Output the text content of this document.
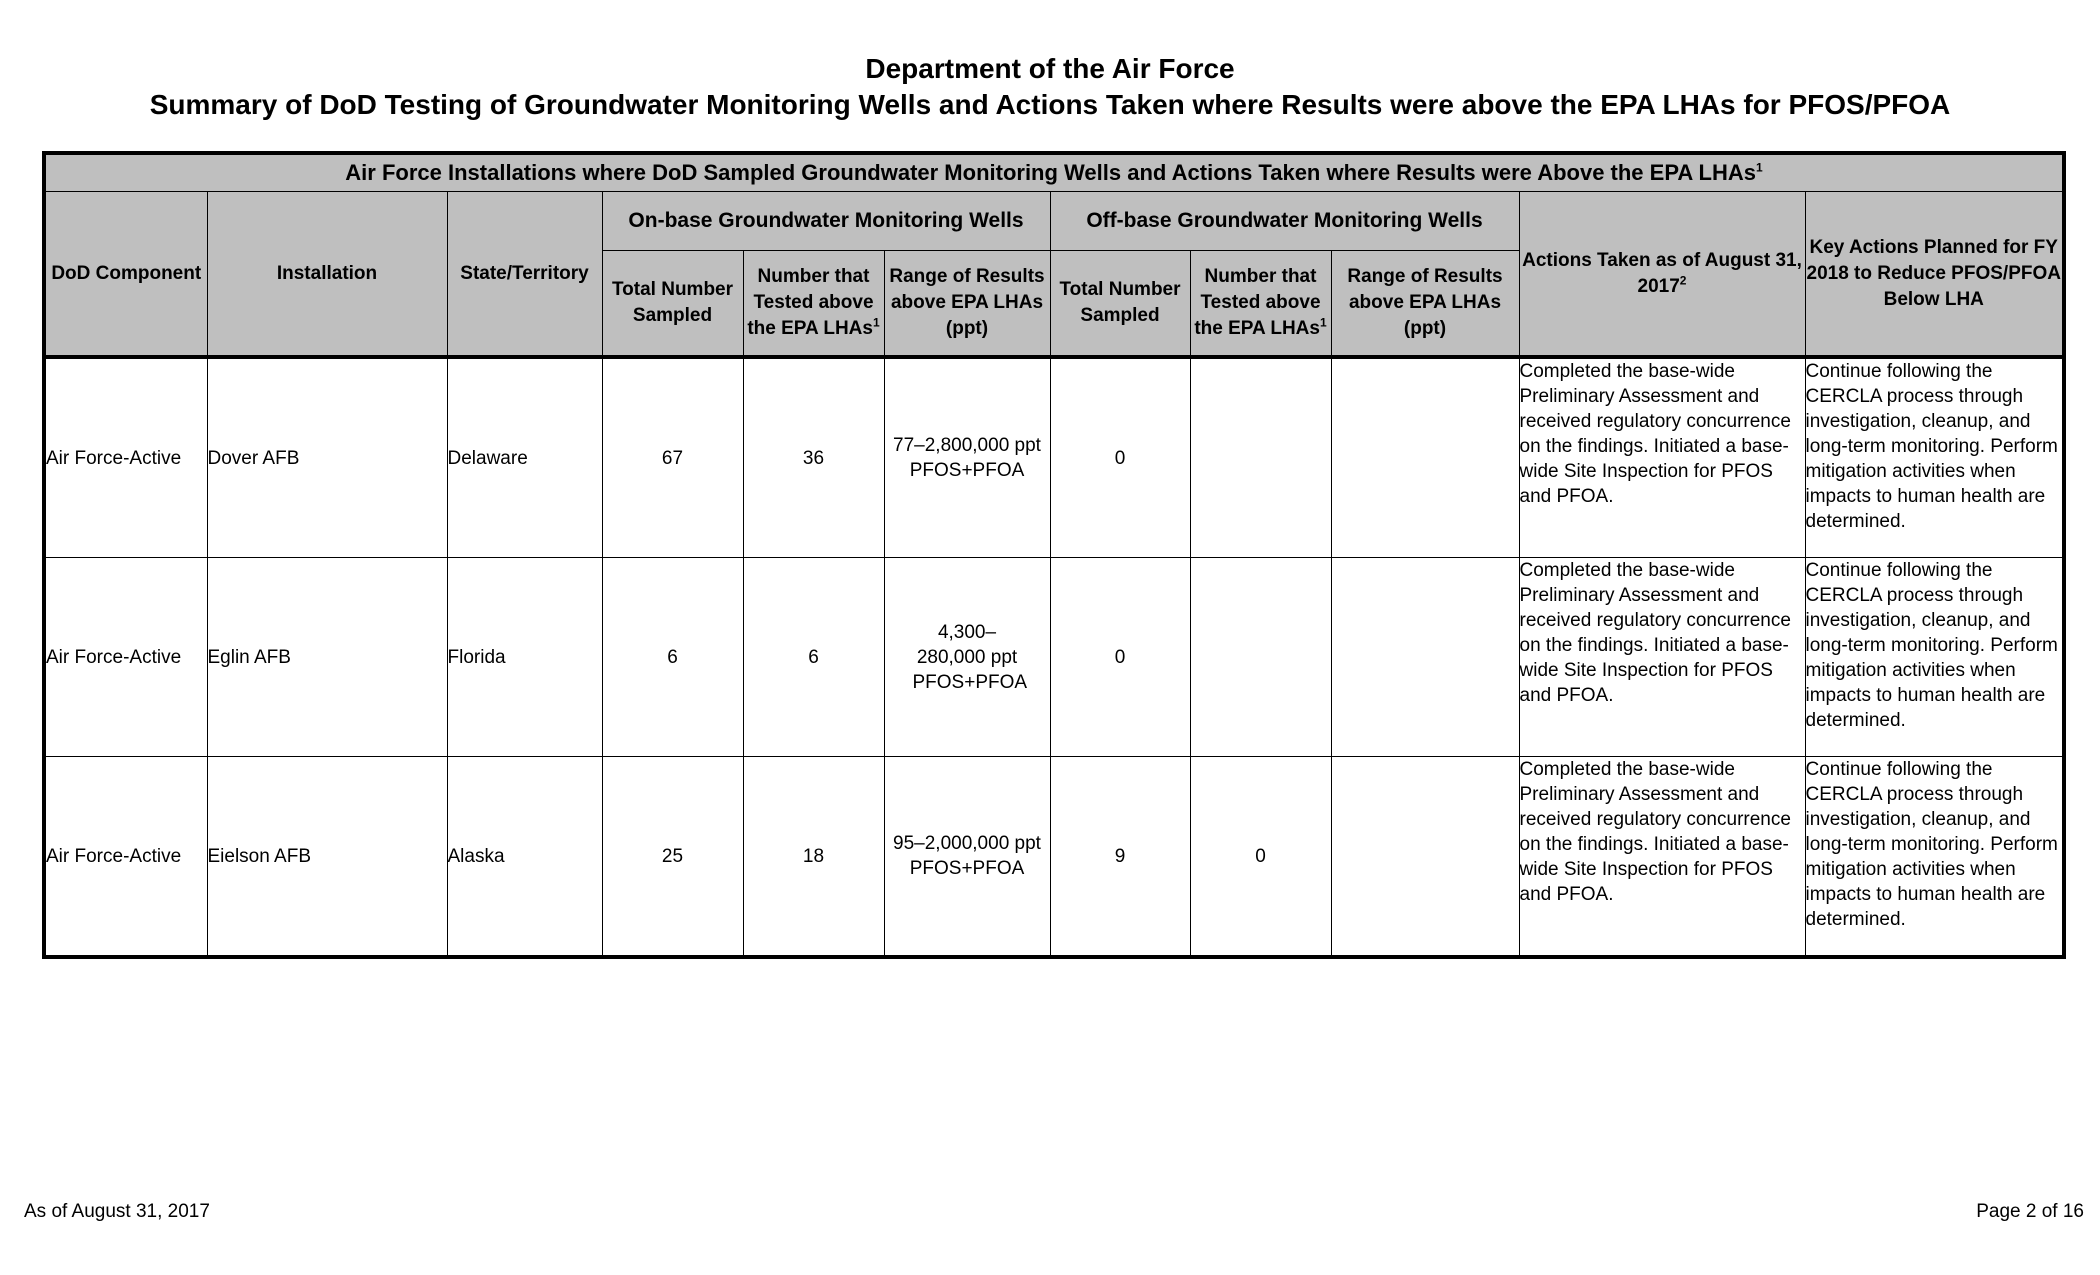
Department of the Air Force
Summary of DoD Testing of Groundwater Monitoring Wells and Actions Taken where Results were above the EPA LHAs for PFOS/PFOA
Air Force Installations where DoD Sampled Groundwater Monitoring Wells and Actions Taken where Results were Above the EPA LHAs$^1$
DoD Component	Installation	State/Territory	On-base Groundwater Monitoring Wells			Off-base Groundwater Monitoring Wells			Actions Taken as of August 31, 2017$^2$	Key Actions Planned for FY 2018 to Reduce PFOS/PFOA Below LHA
			Total Number Sampled	Number that Tested above the EPA LHAs$^1$	Range of Results above EPA LHAs (ppt)	Total Number Sampled	Number that Tested above the EPA LHAs$^1$	Range of Results above EPA LHAs (ppt)		
Air Force-Active	Dover AFB	Delaware	67	36	77–2,800,000 ppt PFOS+PFOA	0			Completed the base-wide Preliminary Assessment and received regulatory concurrence on the findings. Initiated a base-wide Site Inspection for PFOS and PFOA.	Continue following the CERCLA process through investigation, cleanup, and long-term monitoring. Perform mitigation activities when impacts to human health are determined.
Air Force-Active	Eglin AFB	Florida	6	6	4,300–280,000 ppt PFOS+PFOA	0			Completed the base-wide Preliminary Assessment and received regulatory concurrence on the findings. Initiated a base-wide Site Inspection for PFOS and PFOA.	Continue following the CERCLA process through investigation, cleanup, and long-term monitoring. Perform mitigation activities when impacts to human health are determined.
Air Force-Active	Eielson AFB	Alaska	25	18	95–2,000,000 ppt PFOS+PFOA	9	0		Completed the base-wide Preliminary Assessment and received regulatory concurrence on the findings. Initiated a base-wide Site Inspection for PFOS and PFOA.	Continue following the CERCLA process through investigation, cleanup, and long-term monitoring. Perform mitigation activities when impacts to human health are determined.
As of August 31, 2017	Page 2 of 16
